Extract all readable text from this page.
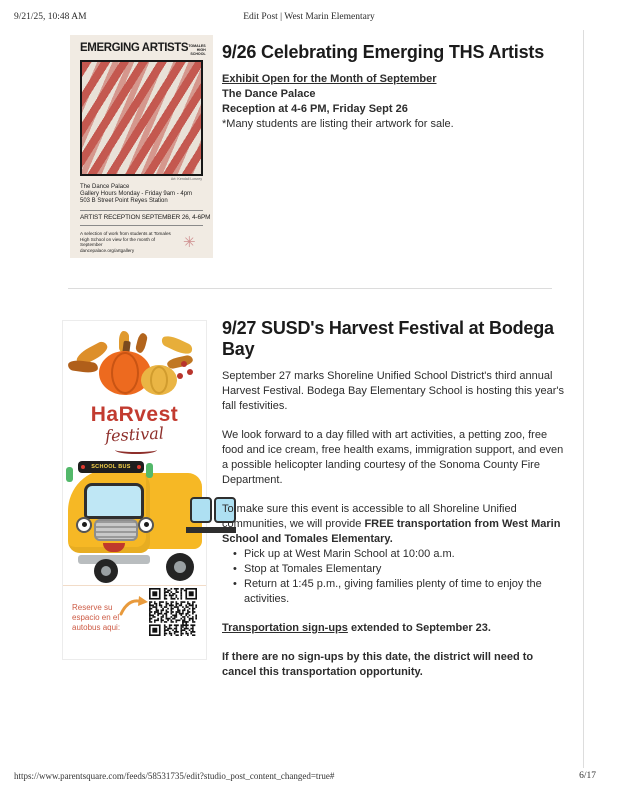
9/21/25, 10:48 AM	Edit Post | West Marin Elementary
EMERGING ARTISTS TOMALES HIGH SCHOOL
Art: Kendall Lowrey
The Dance Palace
Gallery Hours Monday - Friday 9am - 4pm
503 B Street Point Reyes Station
ARTIST RECEPTION SEPTEMBER 26, 4-6PM
A selection of work from students at Tomales High School on view for the month of September
dancepalace.org/artgallery	✳
9/26 Celebrating Emerging THS Artists
Exhibit Open for the Month of September
The Dance Palace
Reception at 4-6 PM, Friday Sept 26
*Many students are listing their artwork for sale.
HaRvest
festival
SCHOOL BUS
Reserve su espacio en el autobus aqui:
9/27 SUSD's Harvest Festival at Bodega Bay

September 27 marks Shoreline Unified School District's third annual Harvest Festival. Bodega Bay Elementary School is hosting this year's fall festivities.

We look forward to a day filled with art activities, a petting zoo, free food and ice cream, free health exams, immigration support, and even a possible helicopter landing courtesy of the Sonoma County Fire Department.

To make sure this event is accessible to all Shoreline Unified communities, we will provide FREE transportation from West Marin School and Tomales Elementary.

• Pick up at West Marin School at 10:00 a.m.
• Stop at Tomales Elementary
• Return at 1:45 p.m., giving families plenty of time to enjoy the activities.

Transportation sign-ups extended to September 23.

If there are no sign-ups by this date, the district will need to cancel this transportation opportunity.

https://www.parentsquare.com/feeds/58531735/edit?studio_post_content_changed=true#	6/17
